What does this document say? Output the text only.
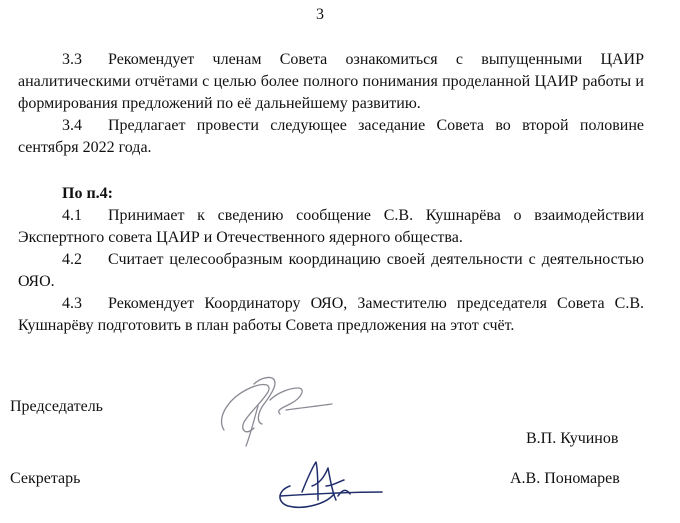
3

3.3 Рекомендует членам Совета ознакомиться с выпущенными ЦАИР аналитическими отчётами с целью более полного понимания проделанной ЦАИР работы и формирования предложений по её дальнейшему развитию.

3.4 Предлагает провести следующее заседание Совета во второй половине сентября 2022 года.

По п.4:

4.1 Принимает к сведению сообщение С.В. Кушнарёва о взаимодействии Экспертного совета ЦАИР и Отечественного ядерного общества.

4.2 Считает целесообразным координацию своей деятельности с деятельностью ОЯО.

4.3 Рекомендует Координатору ОЯО, Заместителю председателя Совета С.В. Кушнарёву подготовить в план работы Совета предложения на этот счёт.

Председатель
В.П. Кучинов
Секретарь	А.В. Пономарев
